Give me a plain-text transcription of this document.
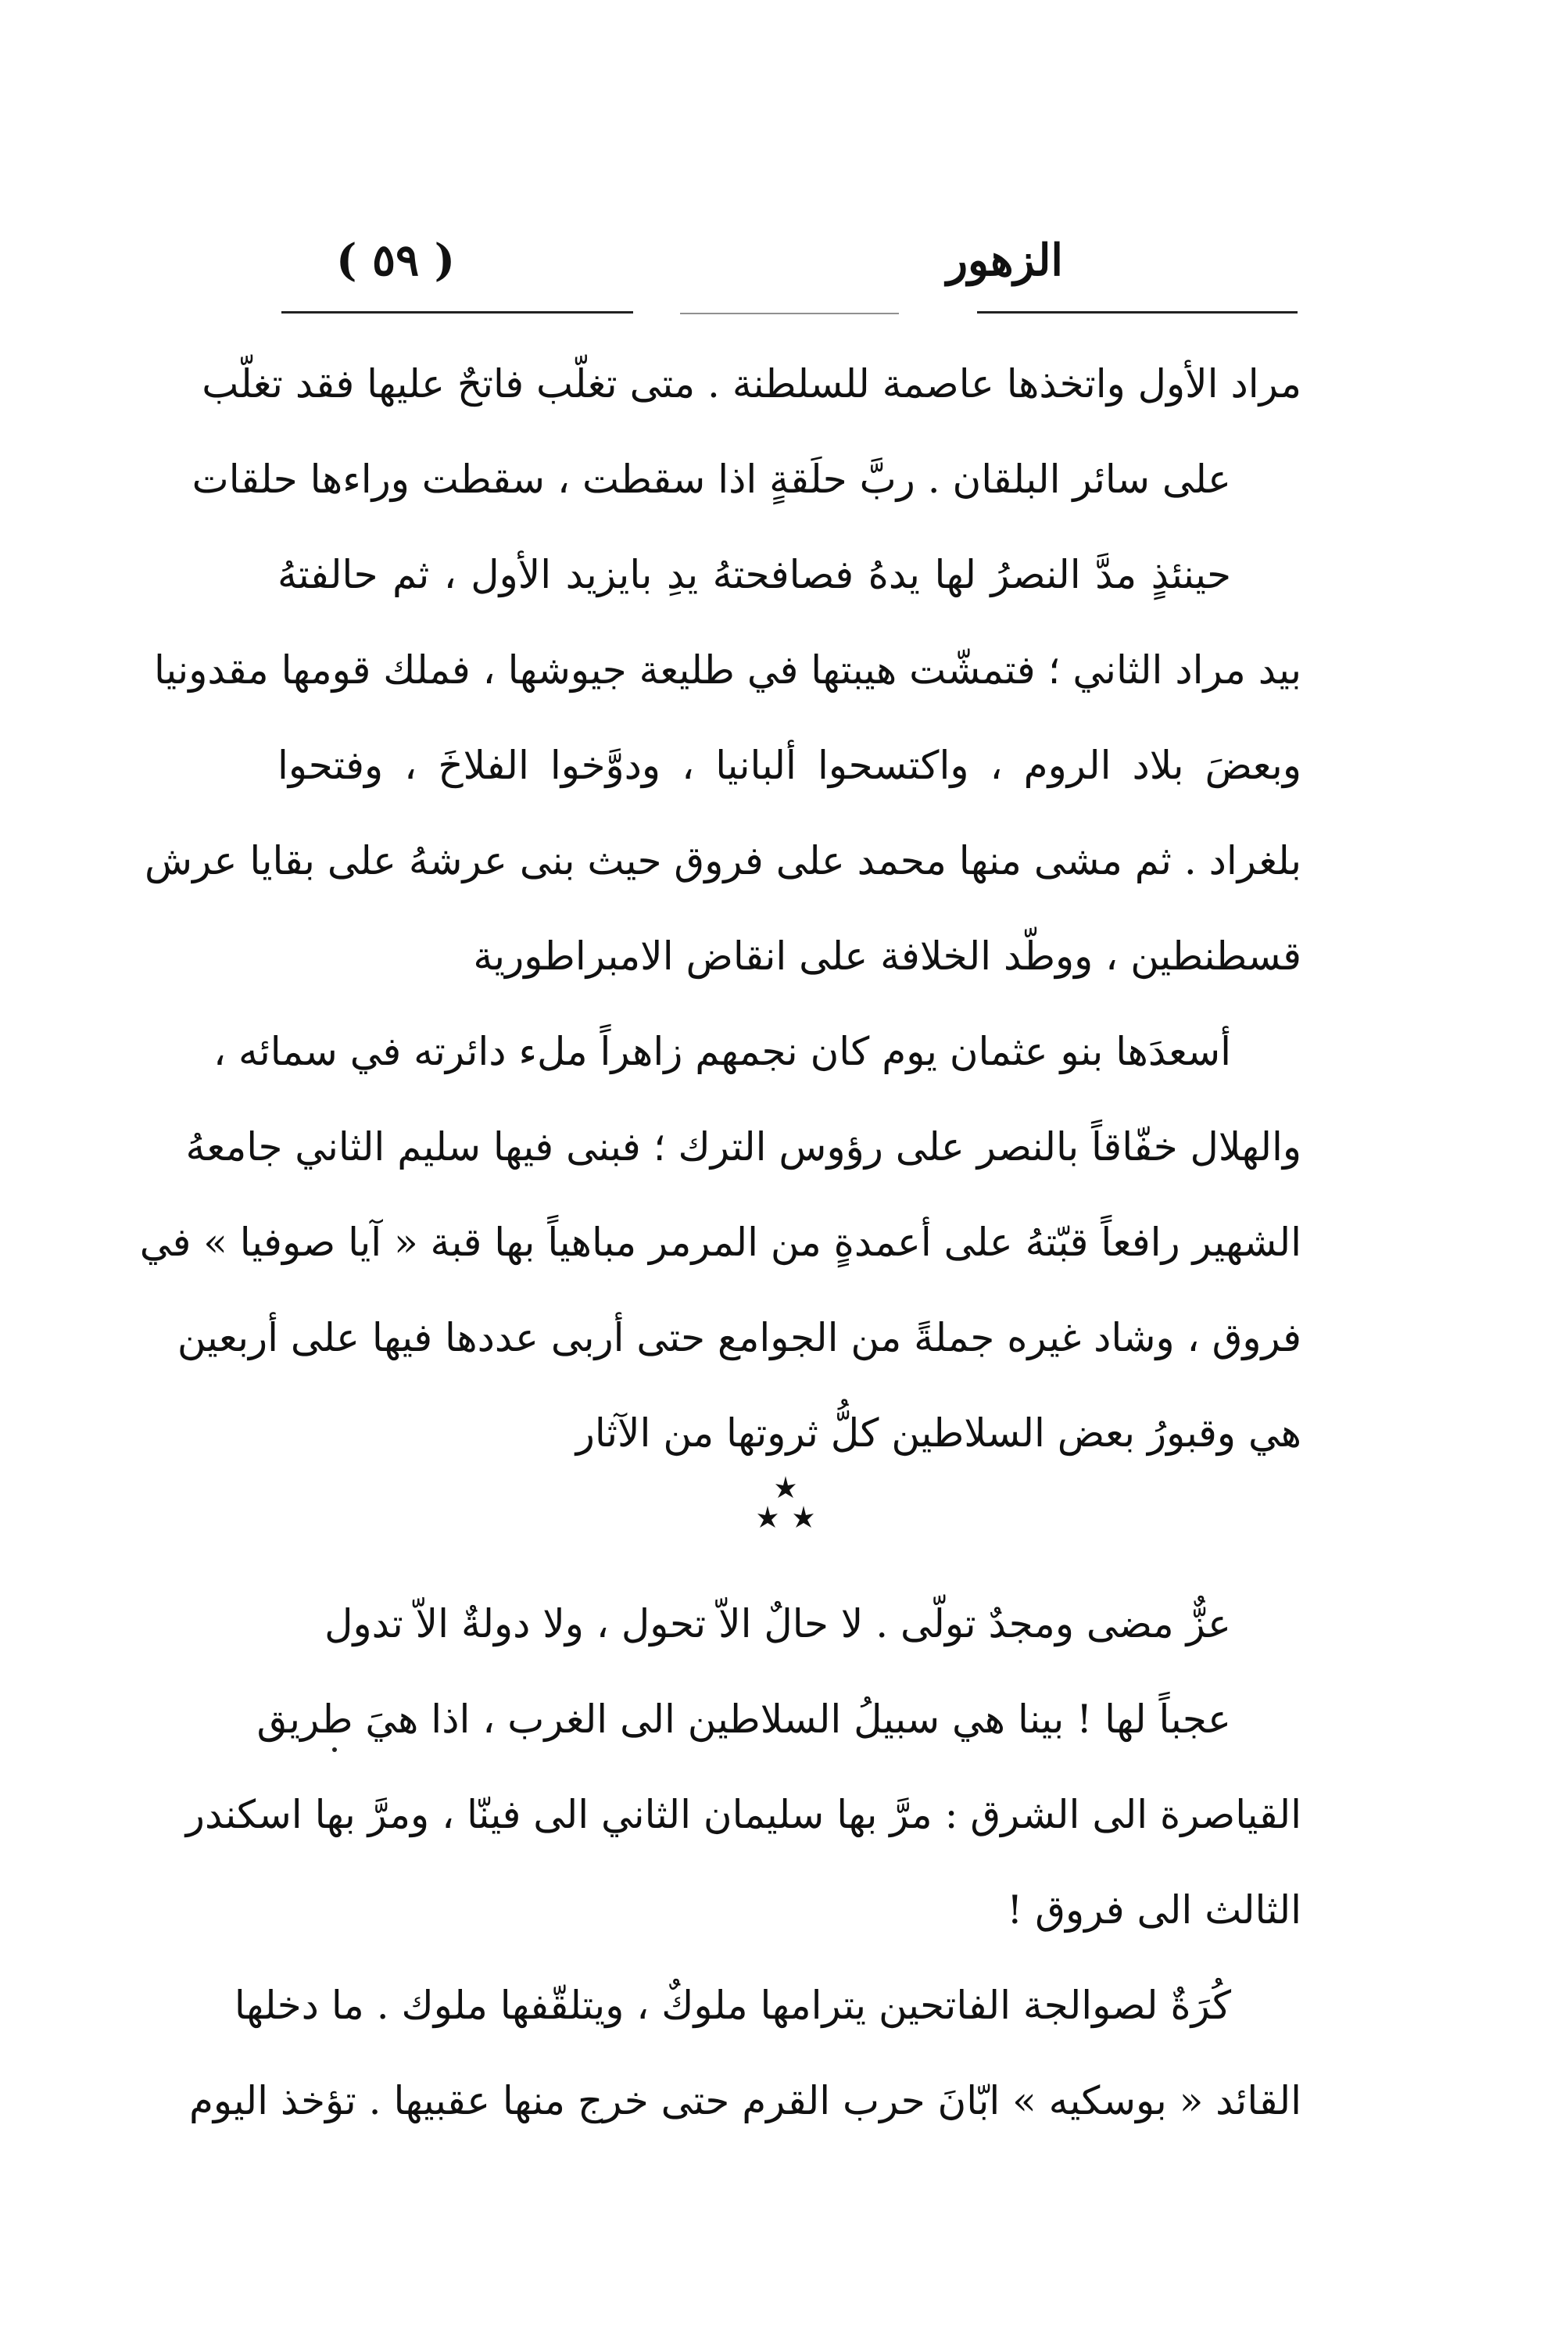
الزهور
( ٥٩ )
مراد الأول واتخذها عاصمة للسلطنة . متى تغلّب فاتحٌ عليها فقد تغلّب
على سائر البلقان . ربَّ حلَقةٍ اذا سقطت ، سقطت وراءها حلقات
حينئذٍ مدَّ النصرُ لها يدهُ فصافحتهُ يدِ بايزيد الأول ، ثم حالفتهُ
بيد مراد الثاني ؛ فتمشّت هيبتها في طليعة جيوشها ، فملك قومها مقدونيا
وبعضَ بلاد الروم ، واكتسحوا ألبانيا ، ودوَّخوا الفلاخَ ، وفتحوا
بلغراد . ثم مشى منها محمد على فروق حيث بنى عرشهُ على بقايا عرش
قسطنطين ، ووطّد الخلافة على انقاض الامبراطورية
أسعدَها بنو عثمان يوم كان نجمهم زاهراً ملء دائرته في سمائه ،
والهلال خفّاقاً بالنصر على رؤوس الترك ؛ فبنى فيها سليم الثاني جامعهُ
الشهير رافعاً قبّتهُ على أعمدةٍ من المرمر مباهياً بها قبة « آيا صوفيا » في
فروق ، وشاد غيره جملةً من الجوامع حتى أربى عددها فيها على أربعين
هي وقبورُ بعض السلاطين كلُّ ثروتها من الآثار
عزٌّ مضى ومجدٌ تولّى . لا حالٌ الاّ تحول ، ولا دولةٌ الاّ تدول
عجباً لها ! بينا هي سبيلُ السلاطين الى الغرب ، اذا هيَ طريق
القياصرة الى الشرق : مرَّ بها سليمان الثاني الى فينّا ، ومرَّ بها اسكندر
الثالث الى فروق !
كُرَةٌ لصوالجة الفاتحين يترامها ملوكٌ ، ويتلقّفها ملوك . ما دخلها
القائد « بوسكيه » ابّانَ حرب القرم حتى خرج منها عقبيها . تؤخذ اليوم
